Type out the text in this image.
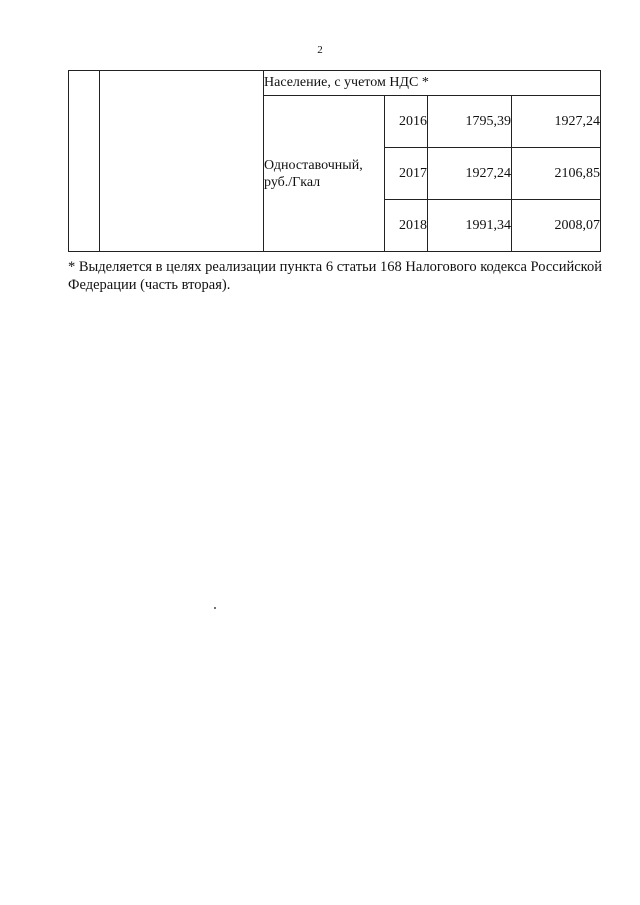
2
		Население, с учетом НДС *			
		Одноставочный,
руб./Гкал	2016	1795,39	1927,24
			2017	1927,24	2106,85
			2018	1991,34	2008,07
* Выделяется в целях реализации пункта 6 статьи 168 Налогового кодекса Российской Федерации (часть вторая).
